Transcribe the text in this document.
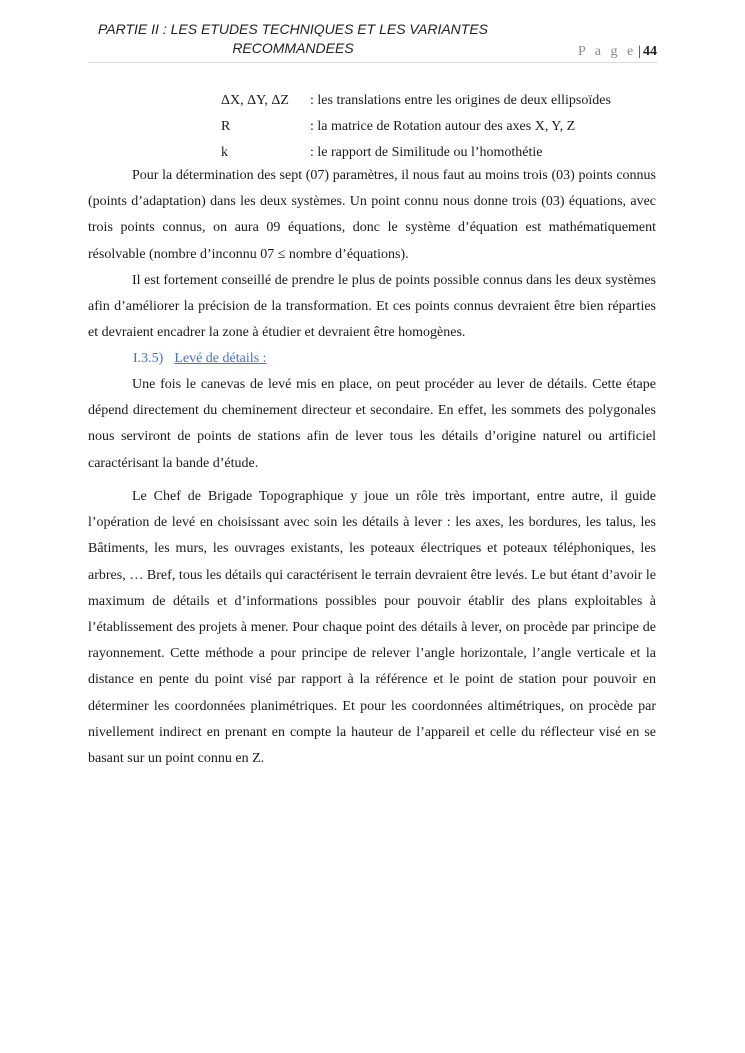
PARTIE II : LES ETUDES TECHNIQUES ET LES VARIANTES
RECOMMANDEES	P a g e | 44
ΔX, ΔY, ΔZ	: les translations entre les origines de deux ellipsoïdes
R	: la matrice de Rotation autour des axes X, Y, Z
k	: le rapport de Similitude ou l’homothétie

Pour la détermination des sept (07) paramètres, il nous faut au moins trois (03) points connus (points d’adaptation) dans les deux systèmes. Un point connu nous donne trois (03) équations, avec trois points connus, on aura 09 équations, donc le système d’équation est mathématiquement résolvable (nombre d’inconnu 07 ≤ nombre d’équations).

Il est fortement conseillé de prendre le plus de points possible connus dans les deux systèmes afin d’améliorer la précision de la transformation. Et ces points connus devraient être bien réparties et devraient encadrer la zone à étudier et devraient être homogènes.

I.3.5) Levé de détails :

Une fois le canevas de levé mis en place, on peut procéder au lever de détails. Cette étape dépend directement du cheminement directeur et secondaire. En effet, les sommets des polygonales nous serviront de points de stations afin de lever tous les détails d’origine naturel ou artificiel caractérisant la bande d’étude.

Le Chef de Brigade Topographique y joue un rôle très important, entre autre, il guide l’opération de levé en choisissant avec soin les détails à lever : les axes, les bordures, les talus, les Bâtiments, les murs, les ouvrages existants, les poteaux électriques et poteaux téléphoniques, les arbres, … Bref, tous les détails qui caractérisent le terrain devraient être levés. Le but étant d’avoir le maximum de détails et d’informations possibles pour pouvoir établir des plans exploitables à l’établissement des projets à mener. Pour chaque point des détails à lever, on procède par principe de rayonnement. Cette méthode a pour principe de relever l’angle horizontale, l’angle verticale et la distance en pente du point visé par rapport à la référence et le point de station pour pouvoir en déterminer les coordonnées planimétriques. Et pour les coordonnées altimétriques, on procède par nivellement indirect en prenant en compte la hauteur de l’appareil et celle du réflecteur visé en se basant sur un point connu en Z.
